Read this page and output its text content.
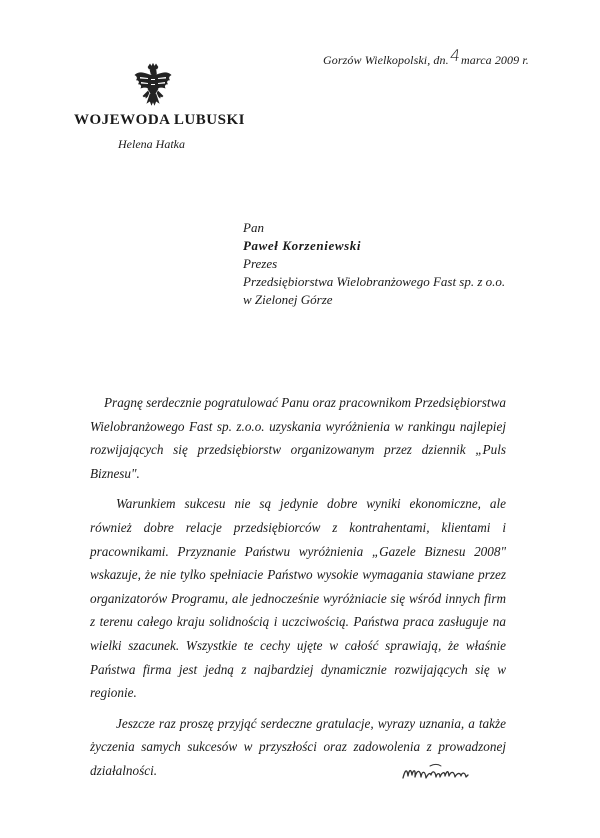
Gorzów Wielkopolski, dn.4marca 2009 r.
WOJEWODA LUBUSKI
Helena Hatka
Pan
Paweł Korzeniewski
Prezes
Przedsiębiorstwa Wielobranżowego Fast sp. z o.o.
w Zielonej Górze

Pragnę serdecznie pogratulować Panu oraz pracownikom Przedsiębiorstwa Wielobranżowego Fast sp. z.o.o. uzyskania wyróżnienia w rankingu najlepiej rozwijających się przedsiębiorstw organizowanym przez dziennik „Puls Biznesu".

Warunkiem sukcesu nie są jedynie dobre wyniki ekonomiczne, ale również dobre relacje przedsiębiorców z kontrahentami, klientami i pracownikami. Przyznanie Państwu wyróżnienia „Gazele Biznesu 2008" wskazuje, że nie tylko spełniacie Państwo wysokie wymagania stawiane przez organizatorów Programu, ale jednocześnie wyróżniacie się wśród innych firm z terenu całego kraju solidnością i uczciwością. Państwa praca zasługuje na wielki szacunek. Wszystkie te cechy ujęte w całość sprawiają, że właśnie Państwa firma jest jedną z najbardziej dynamicznie rozwijających się w regionie.

Jeszcze raz proszę przyjąć serdeczne gratulacje, wyrazy uznania, a także życzenia samych sukcesów w przyszłości oraz zadowolenia z prowadzonej działalności.
